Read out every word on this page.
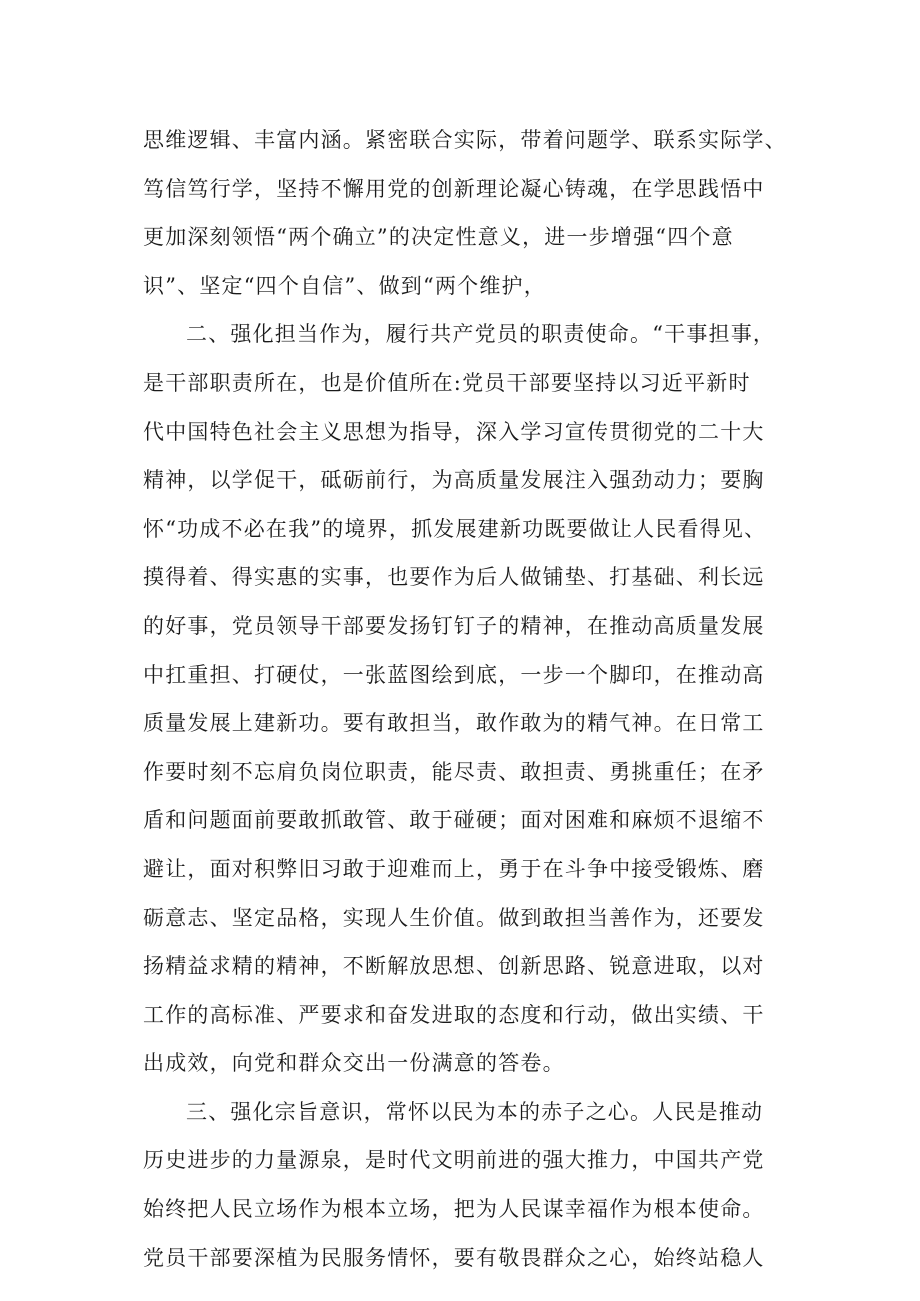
思维逻辑、丰富内涵。紧密联合实际，带着问题学、联系实际学、
笃信笃行学，坚持不懈用党的创新理论凝心铸魂，在学思践悟中
更加深刻领悟“两个确立”的决定性意义，进一步增强“四个意
识”、坚定“四个自信”、做到“两个维护，
二、强化担当作为，履行共产党员的职责使命。“干事担事，
是干部职责所在，也是价值所在:党员干部要坚持以习近平新时
代中国特色社会主义思想为指导，深入学习宣传贯彻党的二十大
精神，以学促干，砥砺前行，为高质量发展注入强劲动力；要胸
怀“功成不必在我”的境界，抓发展建新功既要做让人民看得见、
摸得着、得实惠的实事，也要作为后人做铺垫、打基础、利长远
的好事，党员领导干部要发扬钉钉子的精神，在推动高质量发展
中扛重担、打硬仗，一张蓝图绘到底，一步一个脚印，在推动高
质量发展上建新功。要有敢担当，敢作敢为的精气神。在日常工
作要时刻不忘肩负岗位职责，能尽责、敢担责、勇挑重任；在矛
盾和问题面前要敢抓敢管、敢于碰硬；面对困难和麻烦不退缩不
避让，面对积弊旧习敢于迎难而上，勇于在斗争中接受锻炼、磨
砺意志、坚定品格，实现人生价值。做到敢担当善作为，还要发
扬精益求精的精神，不断解放思想、创新思路、锐意进取，以对
工作的高标准、严要求和奋发进取的态度和行动，做出实绩、干
出成效，向党和群众交出一份满意的答卷。
三、强化宗旨意识，常怀以民为本的赤子之心。人民是推动
历史进步的力量源泉，是时代文明前进的强大推力，中国共产党
始终把人民立场作为根本立场，把为人民谋幸福作为根本使命。
党员干部要深植为民服务情怀，要有敬畏群众之心，始终站稳人
